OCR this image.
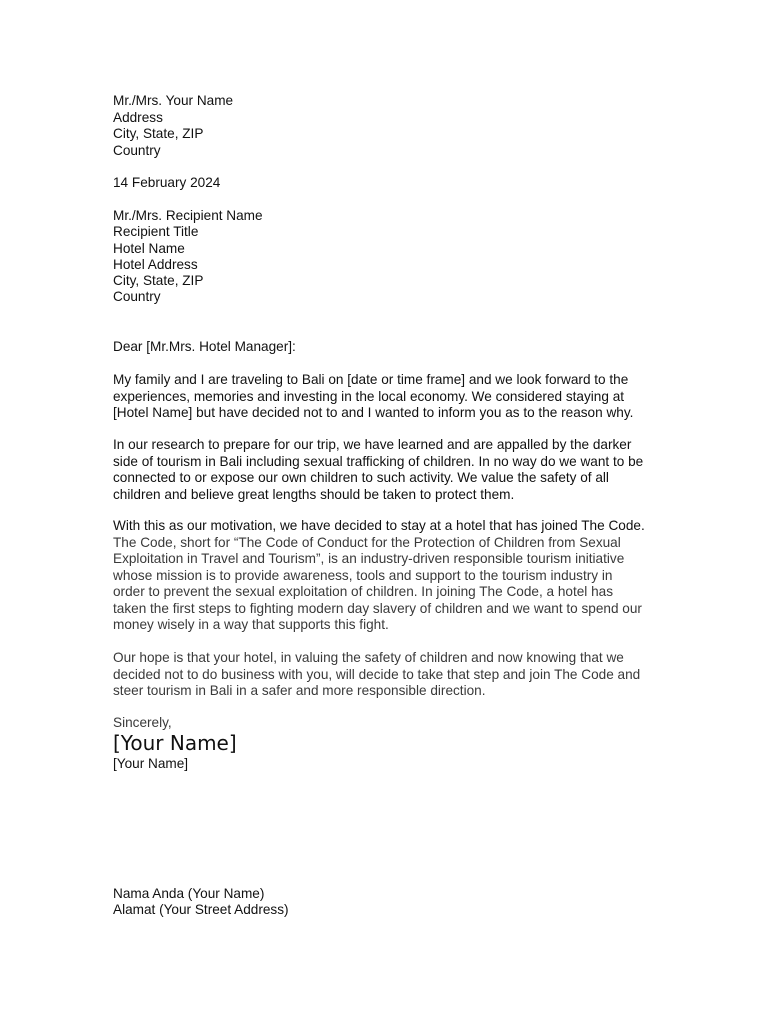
Mr./Mrs. Your Name
Address
City, State, ZIP
Country
14 February 2024
Mr./Mrs. Recipient Name
Recipient Title
Hotel Name
Hotel Address
City, State, ZIP
Country
Dear [Mr.Mrs. Hotel Manager]:
My family and I are traveling to Bali on [date or time frame] and we look forward to the
experiences, memories and investing in the local economy. We considered staying at
[Hotel Name] but have decided not to and I wanted to inform you as to the reason why.
In our research to prepare for our trip, we have learned and are appalled by the darker
side of tourism in Bali including sexual trafficking of children. In no way do we want to be
connected to or expose our own children to such activity. We value the safety of all
children and believe great lengths should be taken to protect them.
With this as our motivation, we have decided to stay at a hotel that has joined The Code.
The Code, short for “The Code of Conduct for the Protection of Children from Sexual
Exploitation in Travel and Tourism”, is an industry-driven responsible tourism initiative
whose mission is to provide awareness, tools and support to the tourism industry in
order to prevent the sexual exploitation of children. In joining The Code, a hotel has
taken the first steps to fighting modern day slavery of children and we want to spend our
money wisely in a way that supports this fight.
Our hope is that your hotel, in valuing the safety of children and now knowing that we
decided not to do business with you, will decide to take that step and join The Code and
steer tourism in Bali in a safer and more responsible direction.
Sincerely,
[Your Name]
[Your Name]
Nama Anda (Your Name)
Alamat (Your Street Address)
